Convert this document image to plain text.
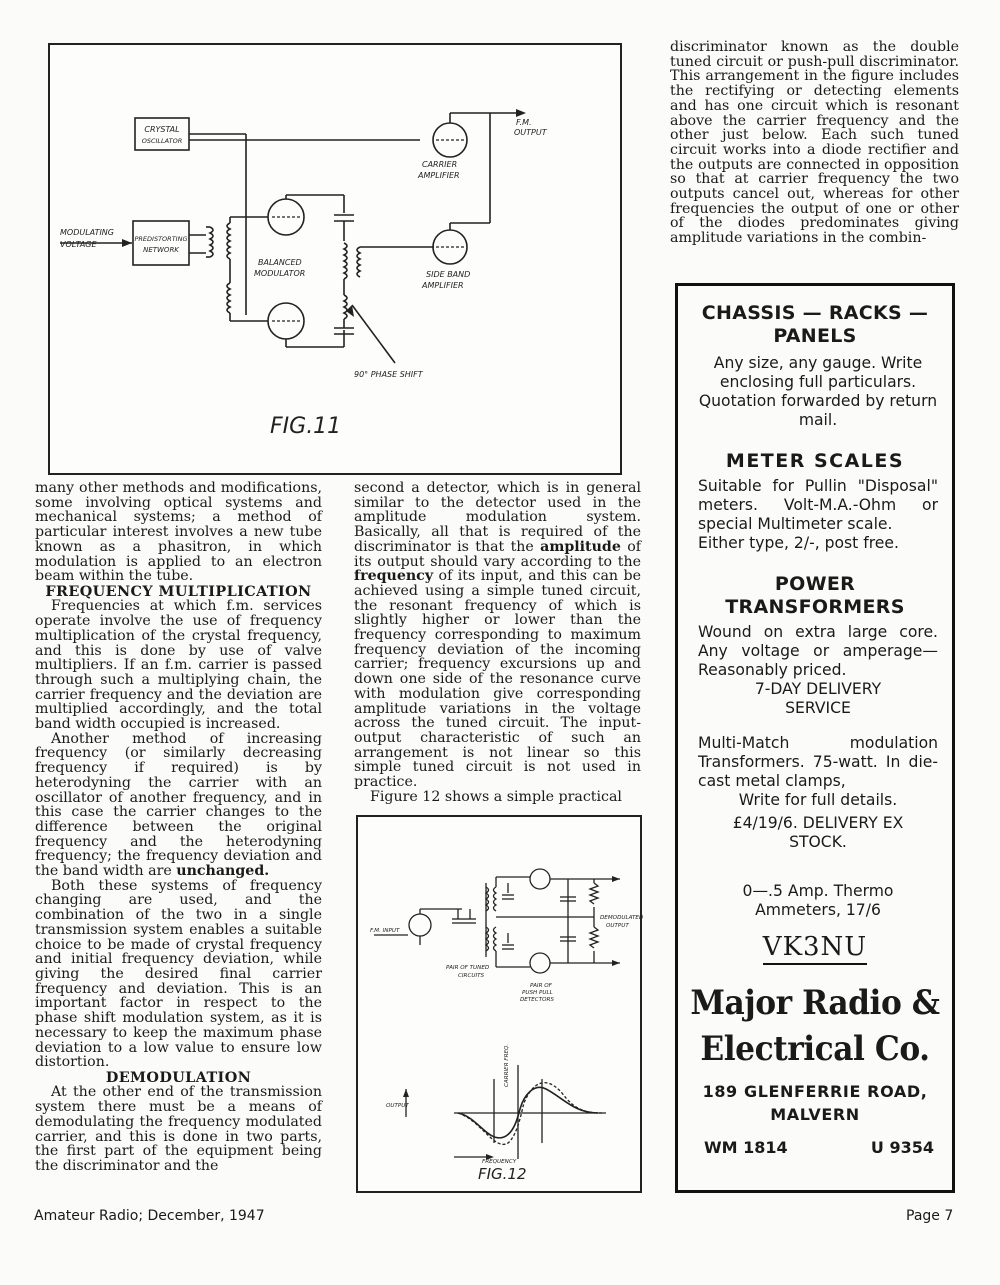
CRYSTAL
OSCILLATOR
MODULATING
VOLTAGE
PREDISTORTING
NETWORK
BALANCED
MODULATOR
CARRIER
AMPLIFIER
F.M.
OUTPUT
SIDE BAND
AMPLIFIER
90° PHASE SHIFT
FIG.11

discriminator known as the double tuned circuit or push-pull discriminator. This arrangement in the figure includes the rectifying or detecting elements and has one circuit which is resonant above the carrier frequency and the other just below. Each such tuned circuit works into a diode rectifier and the outputs are connected in opposition so that at carrier frequency the two outputs cancel out, whereas for other frequencies the output of one or other of the diodes predominates giving amplitude variations in the combin-

many other methods and modifications, some involving optical systems and mechanical systems; a method of particular interest involves a new tube known as a phasitron, in which modulation is applied to an electron beam within the tube.

FREQUENCY MULTIPLICATION

Frequencies at which f.m. services operate involve the use of frequency multiplication of the crystal frequency, and this is done by use of valve multipliers. If an f.m. carrier is passed through such a multiplying chain, the carrier frequency and the deviation are multiplied accordingly, and the total band width occupied is increased.

Another method of increasing frequency (or similarly decreasing frequency if required) is by heterodyning the carrier with an oscillator of another frequency, and in this case the carrier changes to the difference between the original frequency and the heterodyning frequency; the frequency deviation and the band width are unchanged.

Both these systems of frequency changing are used, and the combination of the two in a single transmission system enables a suitable choice to be made of crystal frequency and initial frequency deviation, while giving the desired final carrier frequency and deviation. This is an important factor in respect to the phase shift modulation system, as it is necessary to keep the maximum phase deviation to a low value to ensure low distortion.

DEMODULATION

At the other end of the transmission system there must be a means of demodulating the frequency modulated carrier, and this is done in two parts, the first part of the equipment being the discriminator and the

second a detector, which is in general similar to the detector used in the amplitude modulation system. Basically, all that is required of the discriminator is that the amplitude of its output should vary according to the frequency of its input, and this can be achieved using a simple tuned circuit, the resonant frequency of which is slightly higher or lower than the frequency corresponding to maximum frequency deviation of the incoming carrier; frequency excursions up and down one side of the resonance curve with modulation give corresponding amplitude variations in the voltage across the tuned circuit. The input-output characteristic of such an arrangement is not linear so this simple tuned circuit is not used in practice.

Figure 12 shows a simple practical

F.M. INPUT
PAIR OF TUNED
CIRCUITS
PAIR OF
PUSH PULL
DETECTORS
DEMODULATED
OUTPUT
OUTPUT
FREQUENCY
CARRIER FREQ.
FIG.12
CHASSIS — RACKS —
PANELS
Any size, any gauge. Write enclosing full particulars. Quotation forwarded by return mail.
METER SCALES
Suitable for Pullin "Disposal" meters. Volt-M.A.-Ohm or special Multimeter scale.
Either type, 2/-, post free.
POWER
TRANSFORMERS
Wound on extra large core. Any voltage or amperage— Reasonably priced.
7-DAY DELIVERY
SERVICE
Multi-Match modulation Transformers. 75-watt. In die-cast metal clamps,
Write for full details.
£4/19/6. DELIVERY EX
STOCK.
0—.5 Amp. Thermo
Ammeters, 17/6
VK3NU
Major Radio &
Electrical Co.
189 GLENFERRIE ROAD,
MALVERN
WM 1814	U 9354
Amateur Radio; December, 1947	Page 7
